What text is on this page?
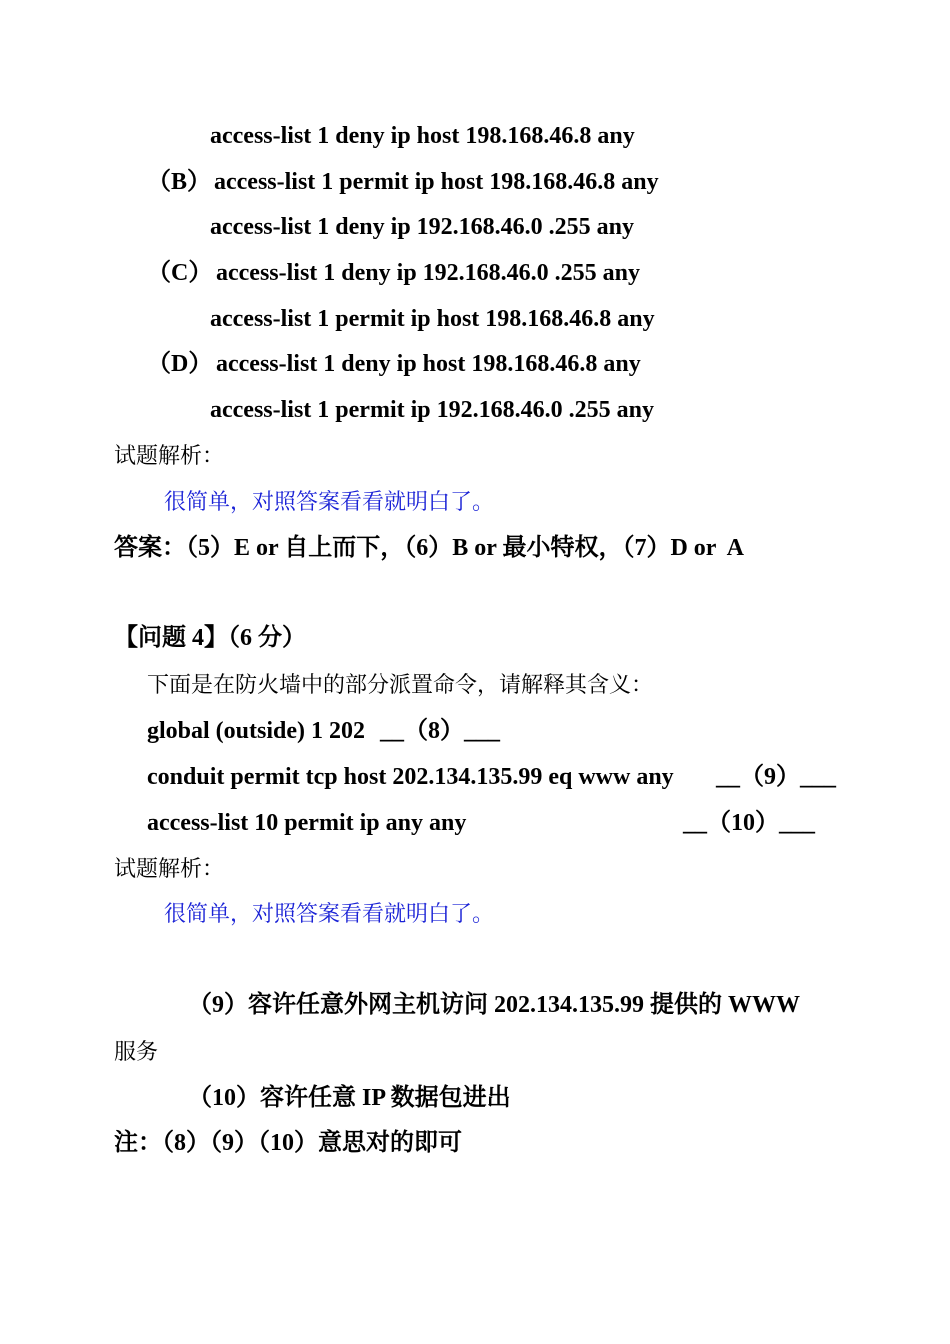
access-list 1 deny ip host 198.168.46.8 any
（B） access-list 1 permit ip host 198.168.46.8 any
access-list 1 deny ip 192.168.46.0 .255 any
（C） access-list 1 deny ip 192.168.46.0 .255 any
access-list 1 permit ip host 198.168.46.8 any
（D） access-list 1 deny ip host 198.168.46.8 any
access-list 1 permit ip 192.168.46.0 .255 any
试题解析：
很简单，对照答案看看就明白了。
答案：（5）E or 自上而下，（6）B or 最小特权，（7）D or  A
【问题 4】（6 分）
下面是在防火墙中的部分派置命令，请解释其含义：
global (outside) 1 202 __（8）___
conduit permit tcp host 202.134.135.99 eq www any __（9）___
access-list 10 permit ip any any	__（10）___
试题解析：
很简单，对照答案看看就明白了。
（9）容许任意外网主机访问 202.134.135.99 提供的 WWW
服务
（10）容许任意 IP 数据包进出
注：（8）（9）（10）意思对的即可
